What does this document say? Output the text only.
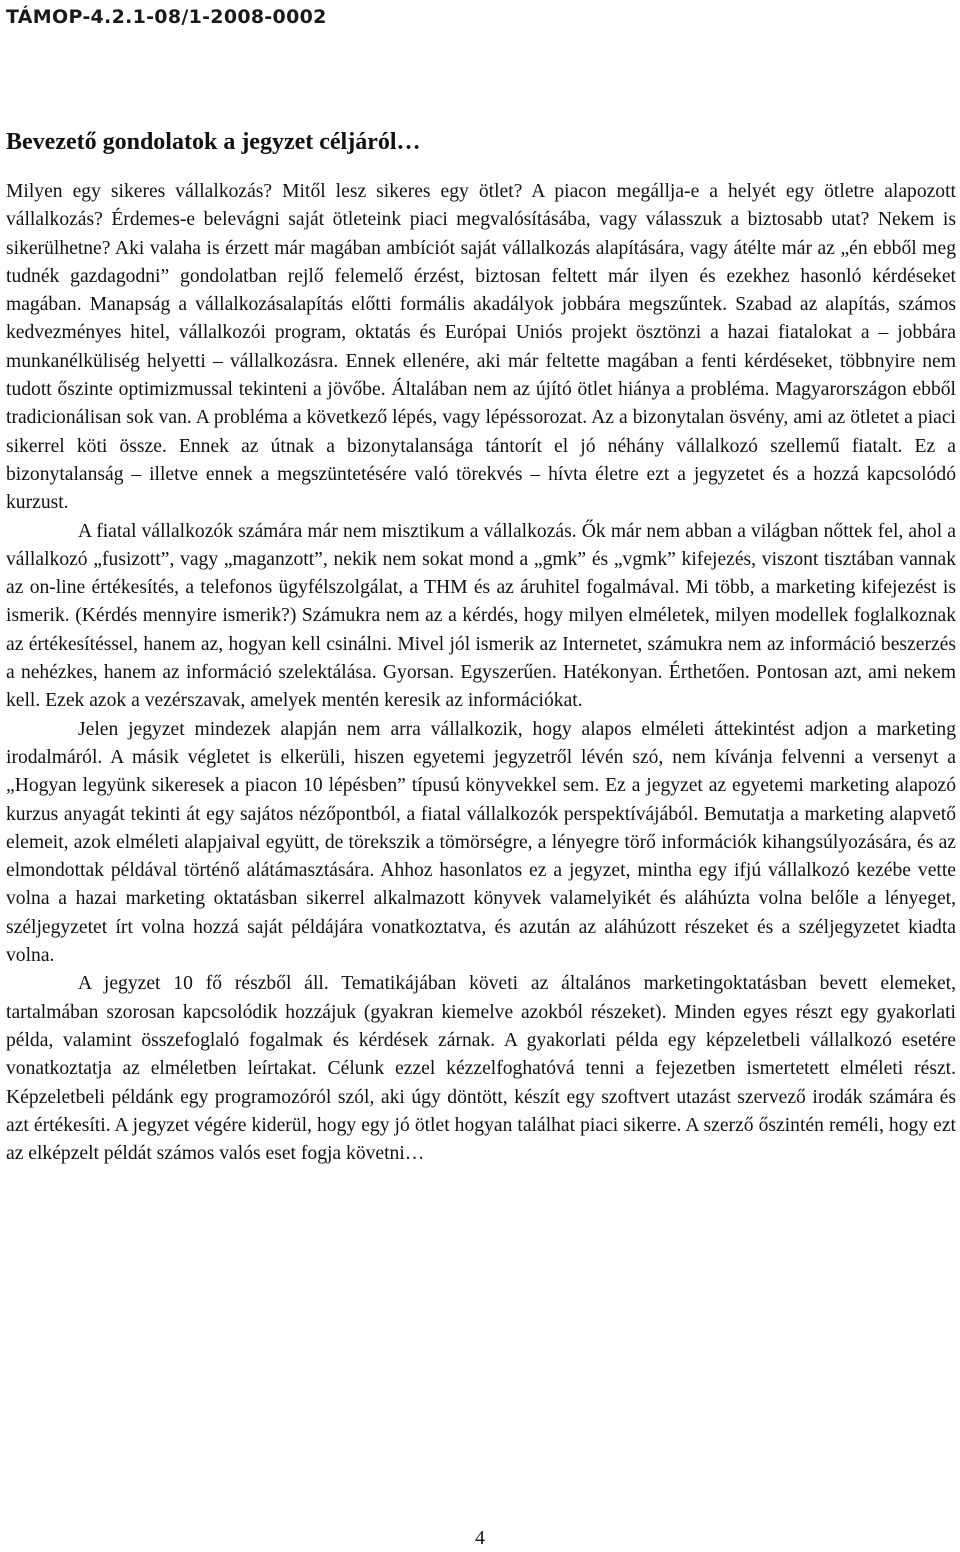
TÁMOP-4.2.1-08/1-2008-0002
Bevezető gondolatok a jegyzet céljáról…

Milyen egy sikeres vállalkozás? Mitől lesz sikeres egy ötlet? A piacon megállja-e a helyét egy ötletre alapozott vállalkozás? Érdemes-e belevágni saját ötleteink piaci megvalósításába, vagy válasszuk a biztosabb utat? Nekem is sikerülhetne? Aki valaha is érzett már magában ambíciót saját vállalkozás alapítására, vagy átélte már az „én ebből meg tudnék gazdagodni” gondolatban rejlő felemelő érzést, biztosan feltett már ilyen és ezekhez hasonló kérdéseket magában. Manapság a vállalkozásalapítás előtti formális akadályok jobbára megszűntek. Szabad az alapítás, számos kedvezményes hitel, vállalkozói program, oktatás és Európai Uniós projekt ösztönzi a hazai fiatalokat a – jobbára munkanélküliség helyetti – vállalkozásra. Ennek ellenére, aki már feltette magában a fenti kérdéseket, többnyire nem tudott őszinte optimizmussal tekinteni a jövőbe. Általában nem az újító ötlet hiánya a probléma. Magyarországon ebből tradicionálisan sok van. A probléma a következő lépés, vagy lépéssorozat. Az a bizonytalan ösvény, ami az ötletet a piaci sikerrel köti össze. Ennek az útnak a bizonytalansága tántorít el jó néhány vállalkozó szellemű fiatalt. Ez a bizonytalanság – illetve ennek a megszüntetésére való törekvés – hívta életre ezt a jegyzetet és a hozzá kapcsolódó kurzust.

A fiatal vállalkozók számára már nem misztikum a vállalkozás. Ők már nem abban a világban nőttek fel, ahol a vállalkozó „fusizott”, vagy „maganzott”, nekik nem sokat mond a „gmk” és „vgmk” kifejezés, viszont tisztában vannak az on-line értékesítés, a telefonos ügyfélszolgálat, a THM és az áruhitel fogalmával. Mi több, a marketing kifejezést is ismerik. (Kérdés mennyire ismerik?) Számukra nem az a kérdés, hogy milyen elméletek, milyen modellek foglalkoznak az értékesítéssel, hanem az, hogyan kell csinálni. Mivel jól ismerik az Internetet, számukra nem az információ beszerzés a nehézkes, hanem az információ szelektálása. Gyorsan. Egyszerűen. Hatékonyan. Érthetően. Pontosan azt, ami nekem kell. Ezek azok a vezérszavak, amelyek mentén keresik az információkat.

Jelen jegyzet mindezek alapján nem arra vállalkozik, hogy alapos elméleti áttekintést adjon a marketing irodalmáról. A másik végletet is elkerüli, hiszen egyetemi jegyzetről lévén szó, nem kívánja felvenni a versenyt a „Hogyan legyünk sikeresek a piacon 10 lépésben” típusú könyvekkel sem. Ez a jegyzet az egyetemi marketing alapozó kurzus anyagát tekinti át egy sajátos nézőpontból, a fiatal vállalkozók perspektívájából. Bemutatja a marketing alapvető elemeit, azok elméleti alapjaival együtt, de törekszik a tömörségre, a lényegre törő információk kihangsúlyozására, és az elmondottak példával történő alátámasztására. Ahhoz hasonlatos ez a jegyzet, mintha egy ifjú vállalkozó kezébe vette volna a hazai marketing oktatásban sikerrel alkalmazott könyvek valamelyikét és aláhúzta volna belőle a lényeget, széljegyzetet írt volna hozzá saját példájára vonatkoztatva, és azután az aláhúzott részeket és a széljegyzetet kiadta volna.

A jegyzet 10 fő részből áll. Tematikájában követi az általános marketingoktatásban bevett elemeket, tartalmában szorosan kapcsolódik hozzájuk (gyakran kiemelve azokból részeket). Minden egyes részt egy gyakorlati példa, valamint összefoglaló fogalmak és kérdések zárnak. A gyakorlati példa egy képzeletbeli vállalkozó esetére vonatkoztatja az elméletben leírtakat. Célunk ezzel kézzelfoghatóvá tenni a fejezetben ismertetett elméleti részt. Képzeletbeli példánk egy programozóról szól, aki úgy döntött, készít egy szoftvert utazást szervező irodák számára és azt értékesíti. A jegyzet végére kiderül, hogy egy jó ötlet hogyan találhat piaci sikerre. A szerző őszintén reméli, hogy ezt az elképzelt példát számos valós eset fogja követni…

4
